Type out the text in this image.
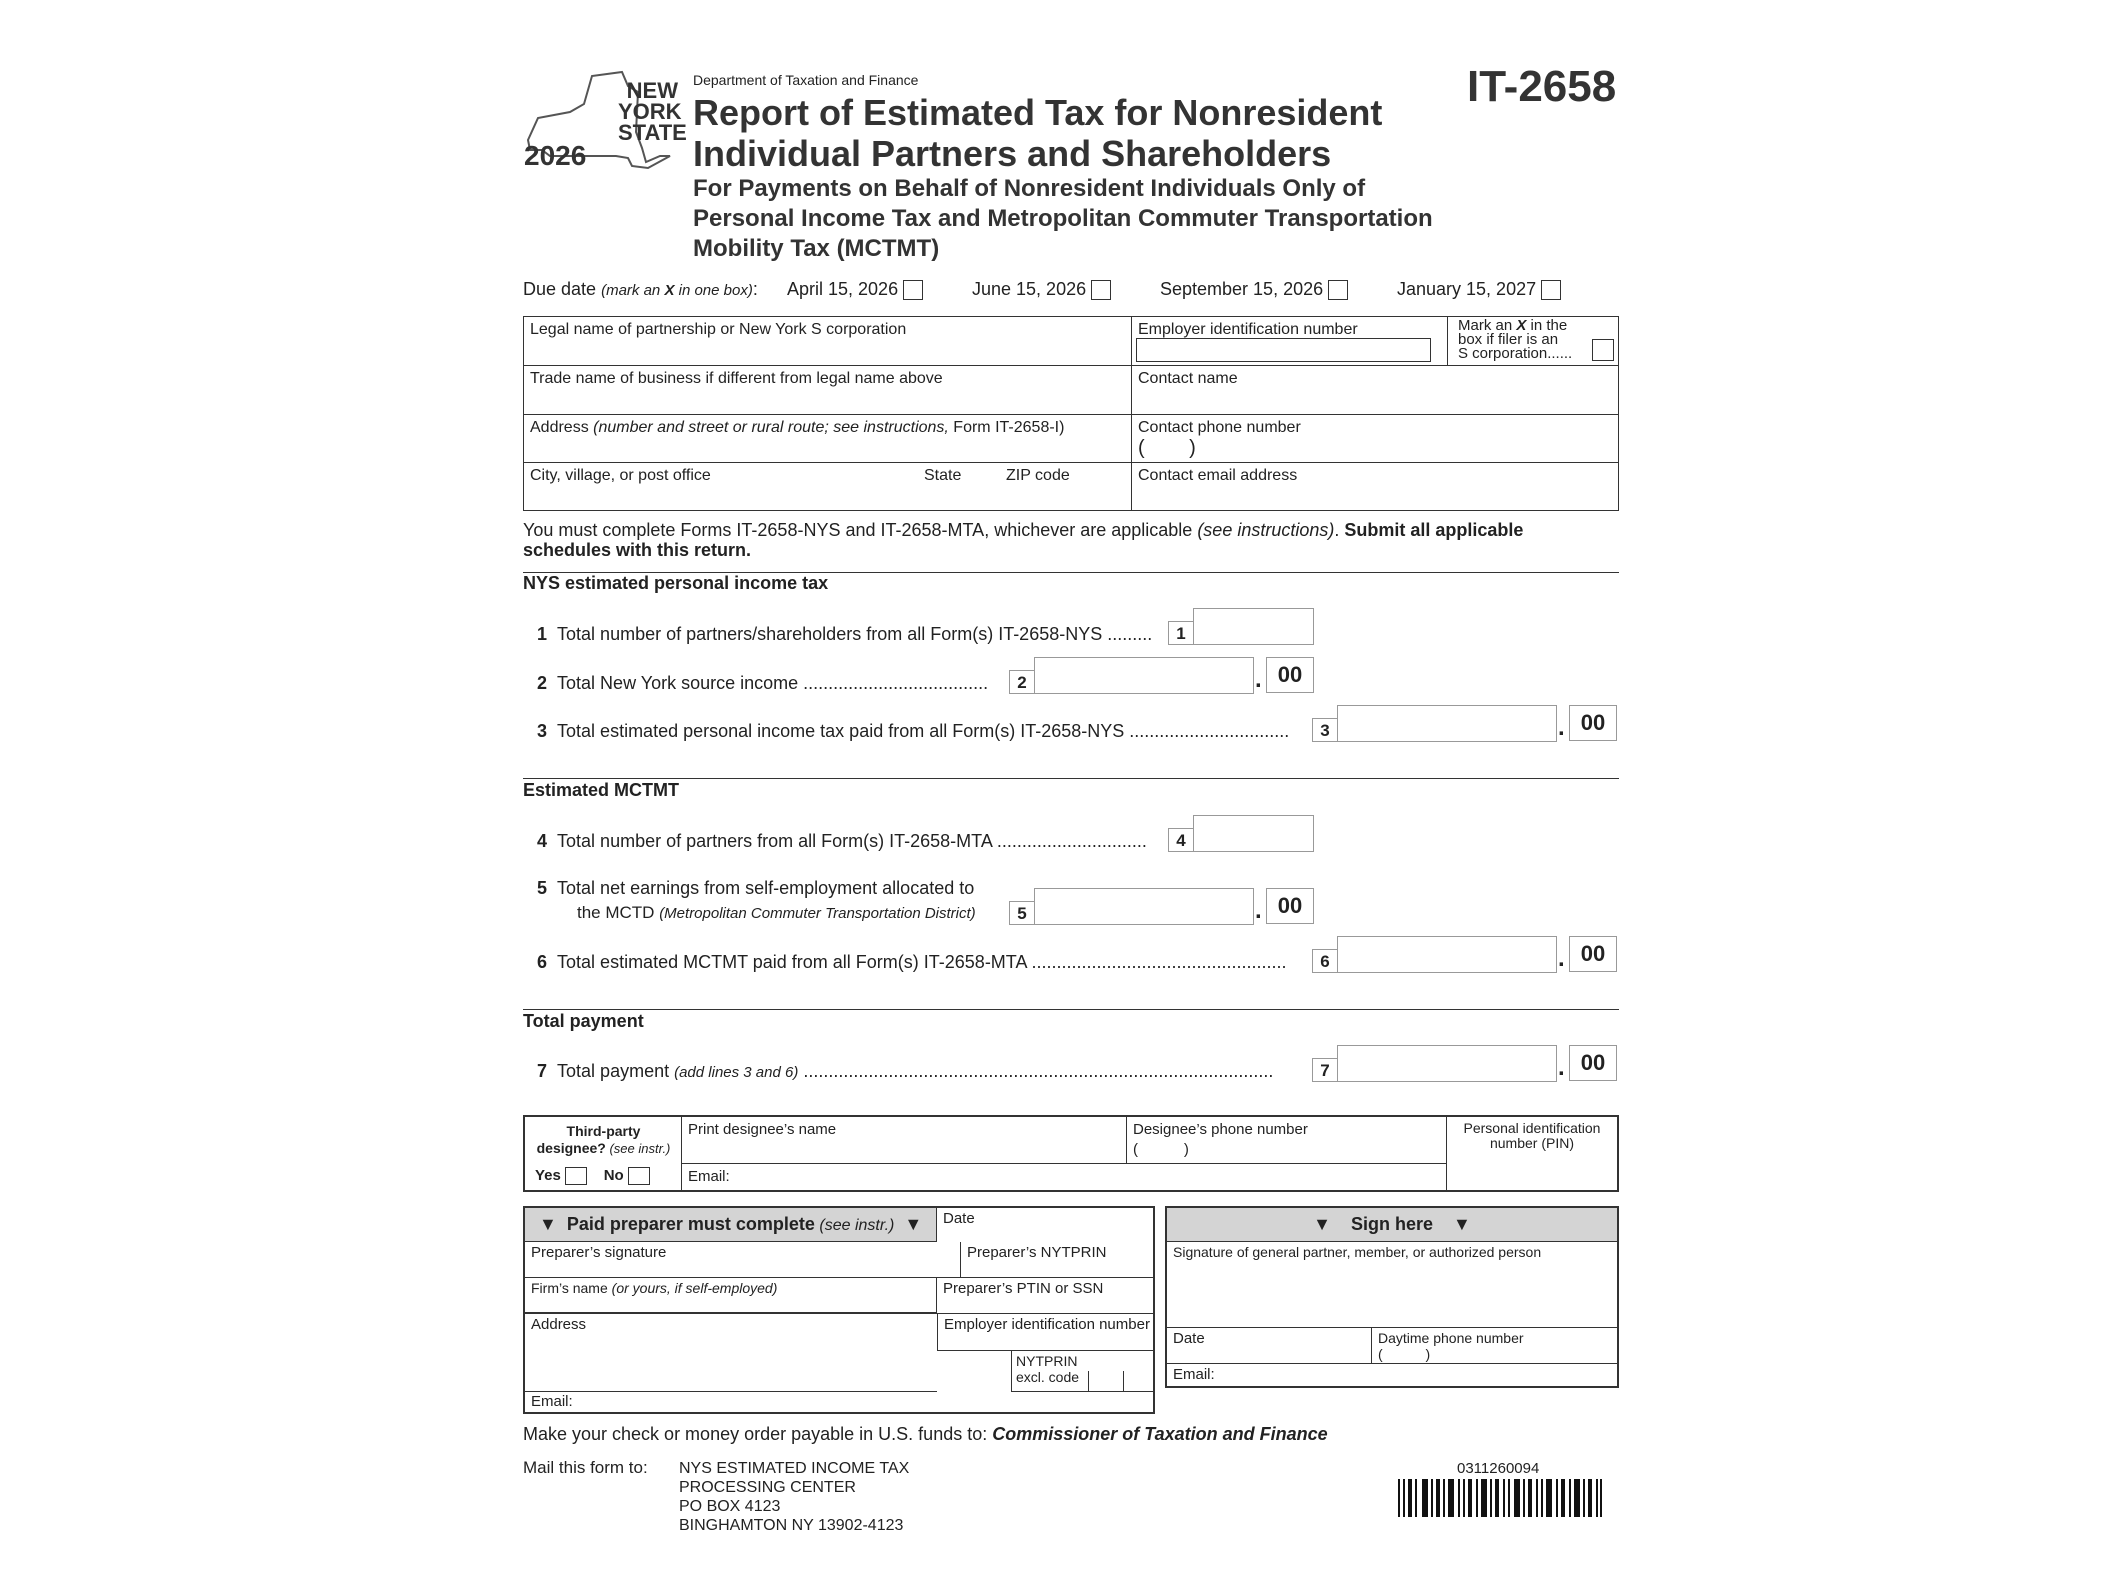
NEW
YORK
STATE
2026
Department of Taxation and Finance
Report of Estimated Tax for Nonresident
Individual Partners and Shareholders
For Payments on Behalf of Nonresident Individuals Only of
Personal Income Tax and Metropolitan Commuter Transportation
Mobility Tax (MCTMT)
IT-2658
Due date (mark an X in one box): April 15, 2026	June 15, 2026	September 15, 2026	January 15, 2027
Legal name of partnership or New York S corporation	Employer identification number	Mark an X in the
box if filer is an
S corporation......
Trade name of business if different from legal name above	Contact name
Address (number and street or rural route; see instructions, Form IT-2658-I)	Contact phone number
(        )
City, village, or post office	State	ZIP code	Contact email address
You must complete Forms IT-2658-NYS and IT-2658-MTA, whichever are applicable (see instructions). Submit all applicable
schedules with this return.
NYS estimated personal income tax
1 Total number of partners/shareholders from all Form(s) IT-2658-NYS .........	1
2 Total New York source income .....................................	2	. 00
3 Total estimated personal income tax paid from all Form(s) IT-2658-NYS ................................	3	. 00
Estimated MCTMT
4 Total number of partners from all Form(s) IT-2658-MTA ..............................	4
5 Total net earnings from self-employment allocated to
the MCTD (Metropolitan Commuter Transportation District)	5	. 00
6 Total estimated MCTMT paid from all Form(s) IT-2658-MTA ...................................................	6	. 00
Total payment
7 Total payment (add lines 3 and 6) ..............................................................................................	7	. 00
Third-party
designee? (see instr.)
Yes	No
Print designee’s name	Designee’s phone number
(           )
Personal identification
number (PIN)
Email:
▼ Paid preparer must complete (see instr.) ▼ Date
Preparer’s signature	Preparer’s NYTPRIN
Firm’s name (or yours, if self-employed)	Preparer’s PTIN or SSN
Address	Employer identification number
NYTPRIN
excl. code
Email:
▼ Sign here ▼
Signature of general partner, member, or authorized person
Date	Daytime phone number
(           )
Email:
Make your check or money order payable in U.S. funds to: Commissioner of Taxation and Finance
Mail this form to: NYS ESTIMATED INCOME TAX
PROCESSING CENTER
PO BOX 4123
BINGHAMTON NY 13902-4123
0311260094
